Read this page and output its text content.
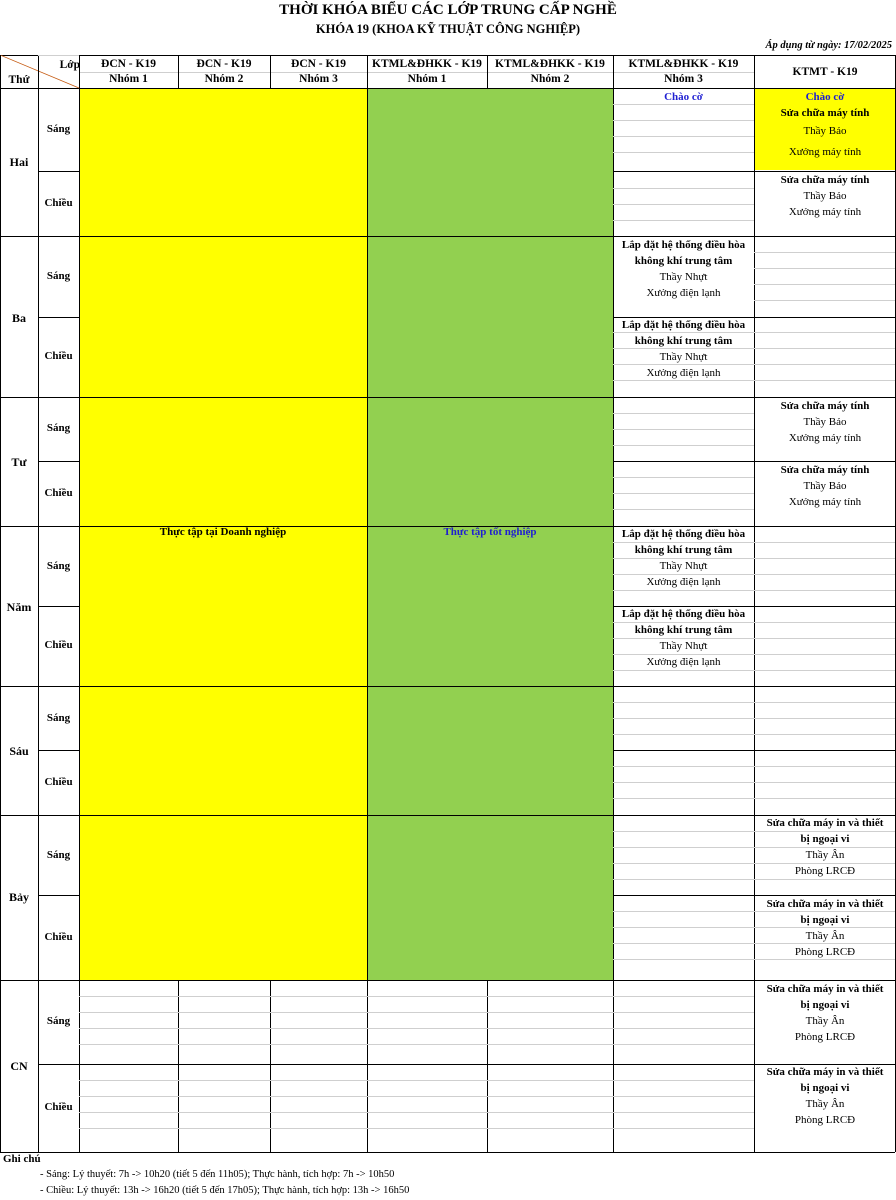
THỜI KHÓA BIỂU CÁC LỚP TRUNG CẤP NGHỀ
KHÓA 19 (KHOA KỸ THUẬT CÔNG NGHIỆP)
Áp dụng từ ngày: 17/02/2025
Thực tập tại Doanh nghiệp	Thực tập tốt nghiệp
Lớp
Thứ
ĐCN - K19
Nhóm 1
ĐCN - K19
Nhóm 2
ĐCN - K19
Nhóm 3
KTML&ĐHKK - K19
Nhóm 1
KTML&ĐHKK - K19
Nhóm 2
KTML&ĐHKK - K19
Nhóm 3
KTMT - K19
Hai
Ba
Tư
Năm
Sáu
Bảy
CN
Sáng
Chiều
Sáng
Chiều
Sáng
Chiều
Sáng
Chiều
Sáng
Chiều
Sáng
Chiều
Sáng
Chiều
Chào cờ
Lắp đặt hệ thống điều hòa
không khí trung tâm
Thầy Nhựt
Xưởng điện lạnh
Lắp đặt hệ thống điều hòa
không khí trung tâm
Thầy Nhựt
Xưởng điện lạnh
Lắp đặt hệ thống điều hòa
không khí trung tâm
Thầy Nhựt
Xưởng điện lạnh
Lắp đặt hệ thống điều hòa
không khí trung tâm
Thầy Nhựt
Xưởng điện lạnh
Chào cờ
Sửa chữa máy tính
Thầy Bảo
Xưởng máy tính
Sửa chữa máy tính
Thầy Bảo
Xưởng máy tính
Sửa chữa máy tính
Thầy Bảo
Xưởng máy tính
Sửa chữa máy tính
Thầy Bảo
Xưởng máy tính
Sửa chữa máy in và thiết
bị ngoại vi
Thầy Ân
Phòng LRCĐ
Sửa chữa máy in và thiết
bị ngoại vi
Thầy Ân
Phòng LRCĐ
Sửa chữa máy in và thiết
bị ngoại vi
Thầy Ân
Phòng LRCĐ
Sửa chữa máy in và thiết
bị ngoại vi
Thầy Ân
Phòng LRCĐ
Ghi chú
- Sáng: Lý thuyết: 7h -> 10h20 (tiết 5 đến 11h05); Thực hành, tích hợp: 7h -> 10h50
- Chiều: Lý thuyết: 13h -> 16h20 (tiết 5 đến 17h05); Thực hành, tích hợp: 13h -> 16h50
